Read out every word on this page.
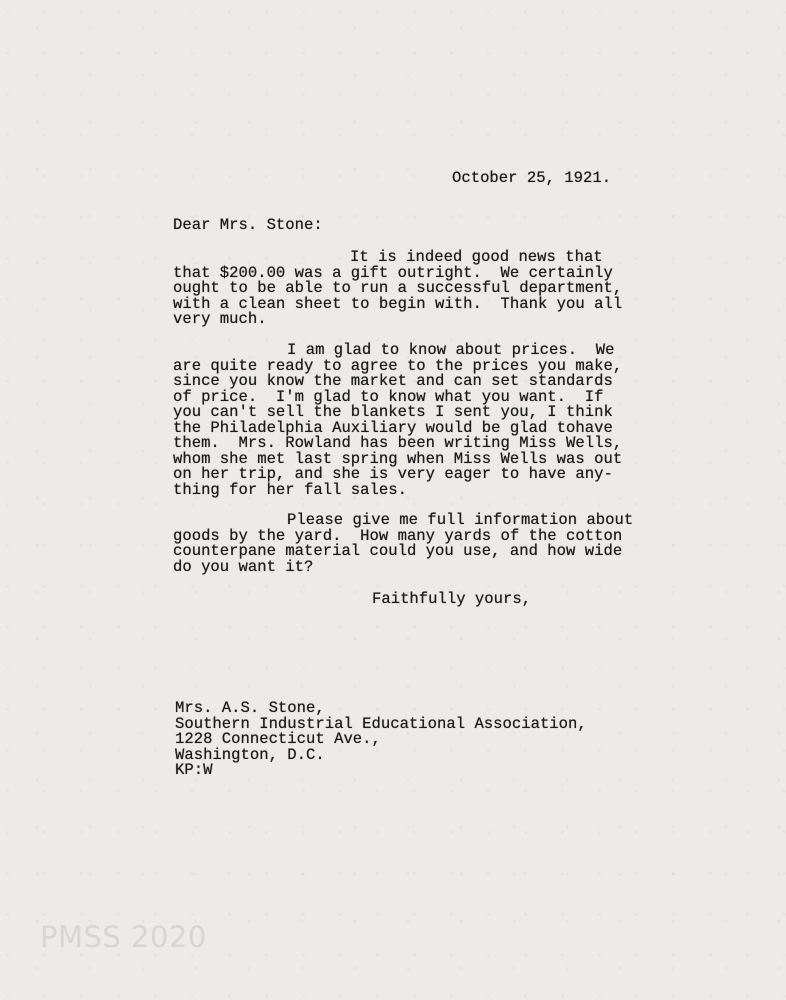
October 25, 1921.
Dear Mrs. Stone:
It is indeed good news that
that $200.00 was a gift outright.  We certainly
ought to be able to run a successful department,
with a clean sheet to begin with.  Thank you all
very much.
I am glad to know about prices.  We
are quite ready to agree to the prices you make,
since you know the market and can set standards
of price.  I'm glad to know what you want.  If
you can't sell the blankets I sent you, I think
the Philadelphia Auxiliary would be glad tohave
them.  Mrs. Rowland has been writing Miss Wells,
whom she met last spring when Miss Wells was out
on her trip, and she is very eager to have any-
thing for her fall sales.
Please give me full information about
goods by the yard.  How many yards of the cotton
counterpane material could you use, and how wide
do you want it?
Faithfully yours,
Mrs. A.S. Stone,
Southern Industrial Educational Association,
1228 Connecticut Ave.,
Washington, D.C.
KP:W
PMSS 2020
